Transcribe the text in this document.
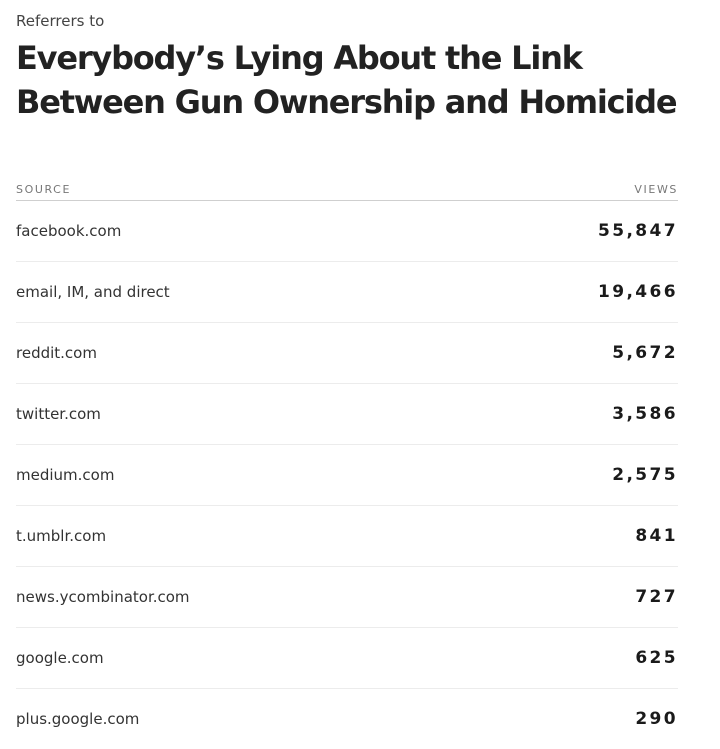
Referrers to

Everybody’s Lying About the Link Between Gun Ownership and Homicide
SOURCE	VIEWS
facebook.com	55,847
email, IM, and direct	19,466
reddit.com	5,672
twitter.com	3,586
medium.com	2,575
t.umblr.com	841
news.ycombinator.com	727
google.com	625
plus.google.com	290
